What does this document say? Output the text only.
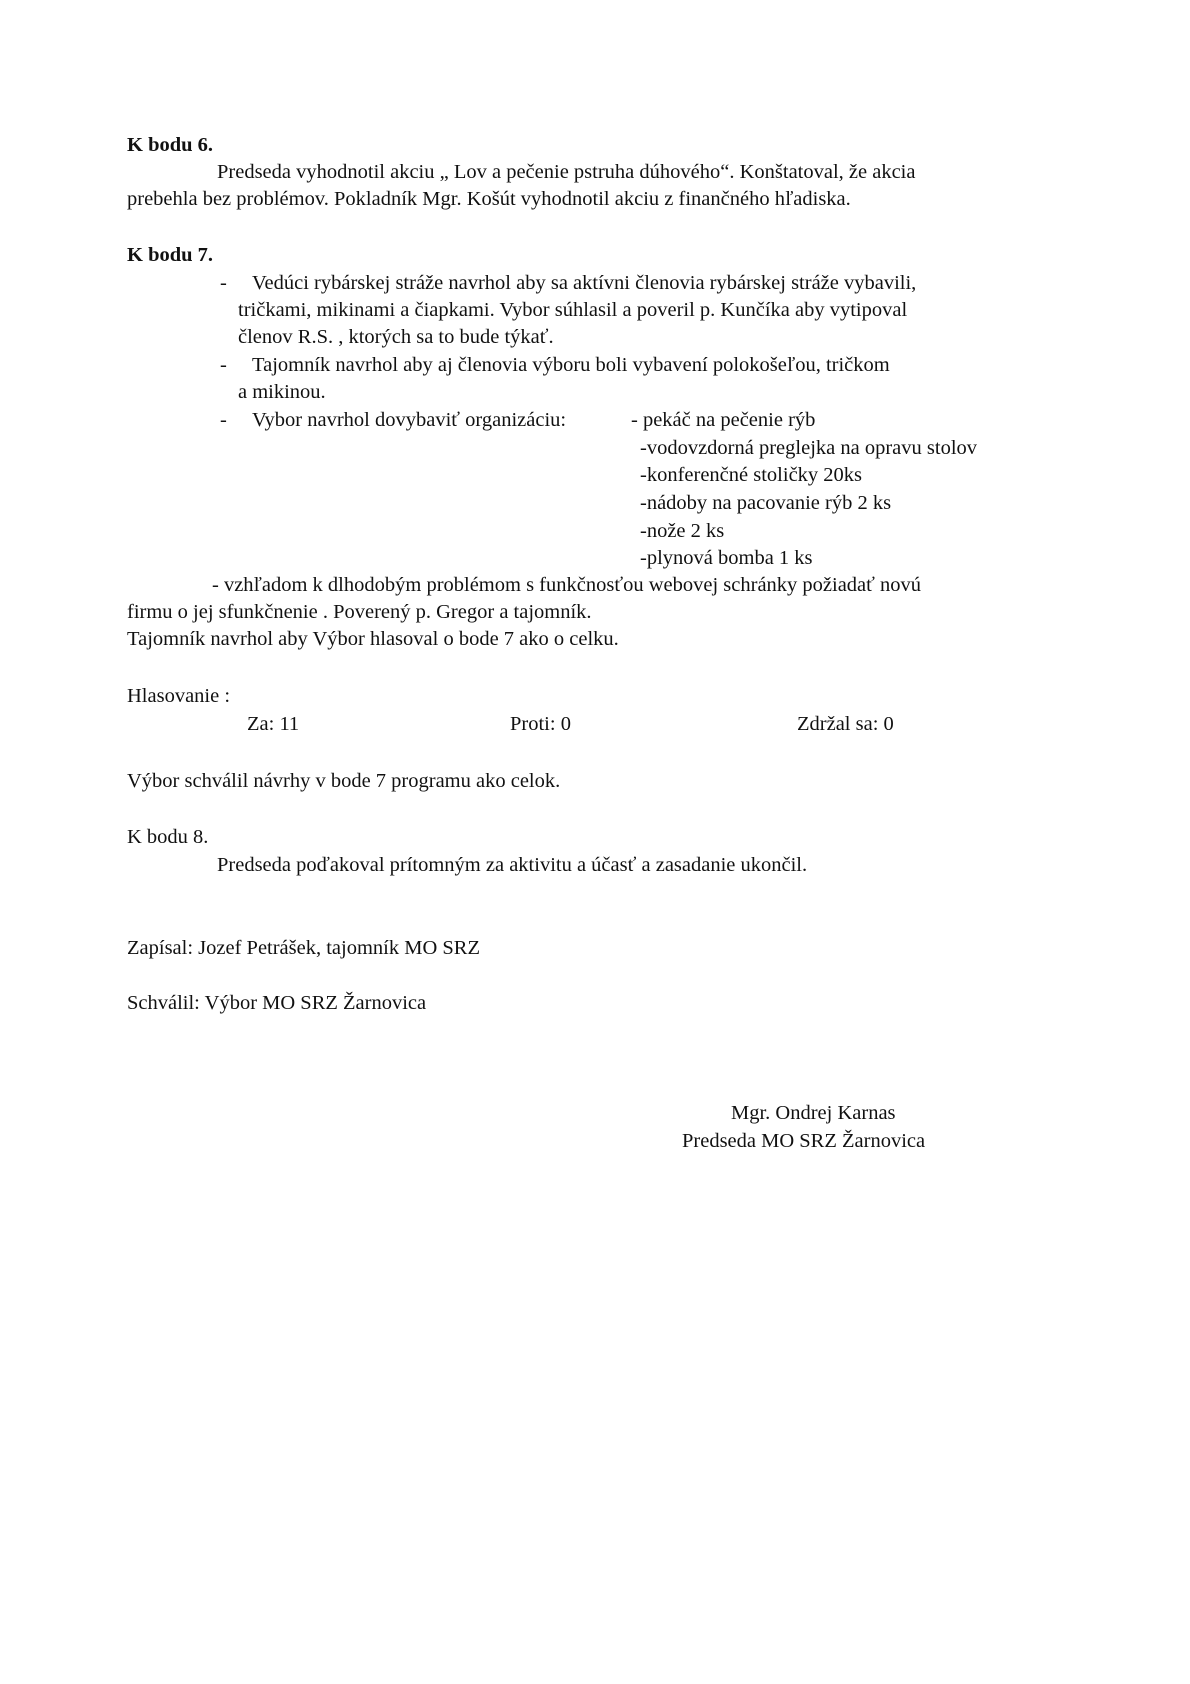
K bodu 6.
Predseda vyhodnotil akciu „ Lov a pečenie pstruha dúhového“. Konštatoval, že akcia
prebehla bez problémov. Pokladník Mgr. Košút vyhodnotil akciu z finančného hľadiska.
K bodu 7.
- Vedúci rybárskej stráže navrhol aby sa aktívni členovia rybárskej stráže vybavili,
tričkami, mikinami a čiapkami. Vybor súhlasil a poveril p. Kunčíka aby vytipoval
členov R.S. , ktorých sa to bude týkať.
- Tajomník navrhol aby aj členovia výboru boli vybavení polokošeľou, tričkom
a mikinou.
- Vybor navrhol dovybaviť organizáciu:	- pekáč na pečenie rýb
-vodovzdorná preglejka na opravu stolov
-konferenčné stoličky 20ks
-nádoby na pacovanie rýb 2 ks
-nože 2 ks
-plynová bomba 1 ks
- vzhľadom k dlhodobým problémom s funkčnosťou webovej schránky požiadať novú
firmu o jej sfunkčnenie . Poverený p. Gregor a tajomník.
Tajomník navrhol aby Výbor hlasoval o bode 7 ako o celku.
Hlasovanie :
Za: 11	Proti: 0	Zdržal sa: 0
Výbor schválil návrhy v bode 7 programu ako celok.
K bodu 8.
Predseda poďakoval prítomným za aktivitu a účasť a zasadanie ukončil.
Zapísal: Jozef Petrášek, tajomník MO SRZ
Schválil: Výbor MO SRZ Žarnovica
Mgr. Ondrej Karnas
Predseda MO SRZ Žarnovica
